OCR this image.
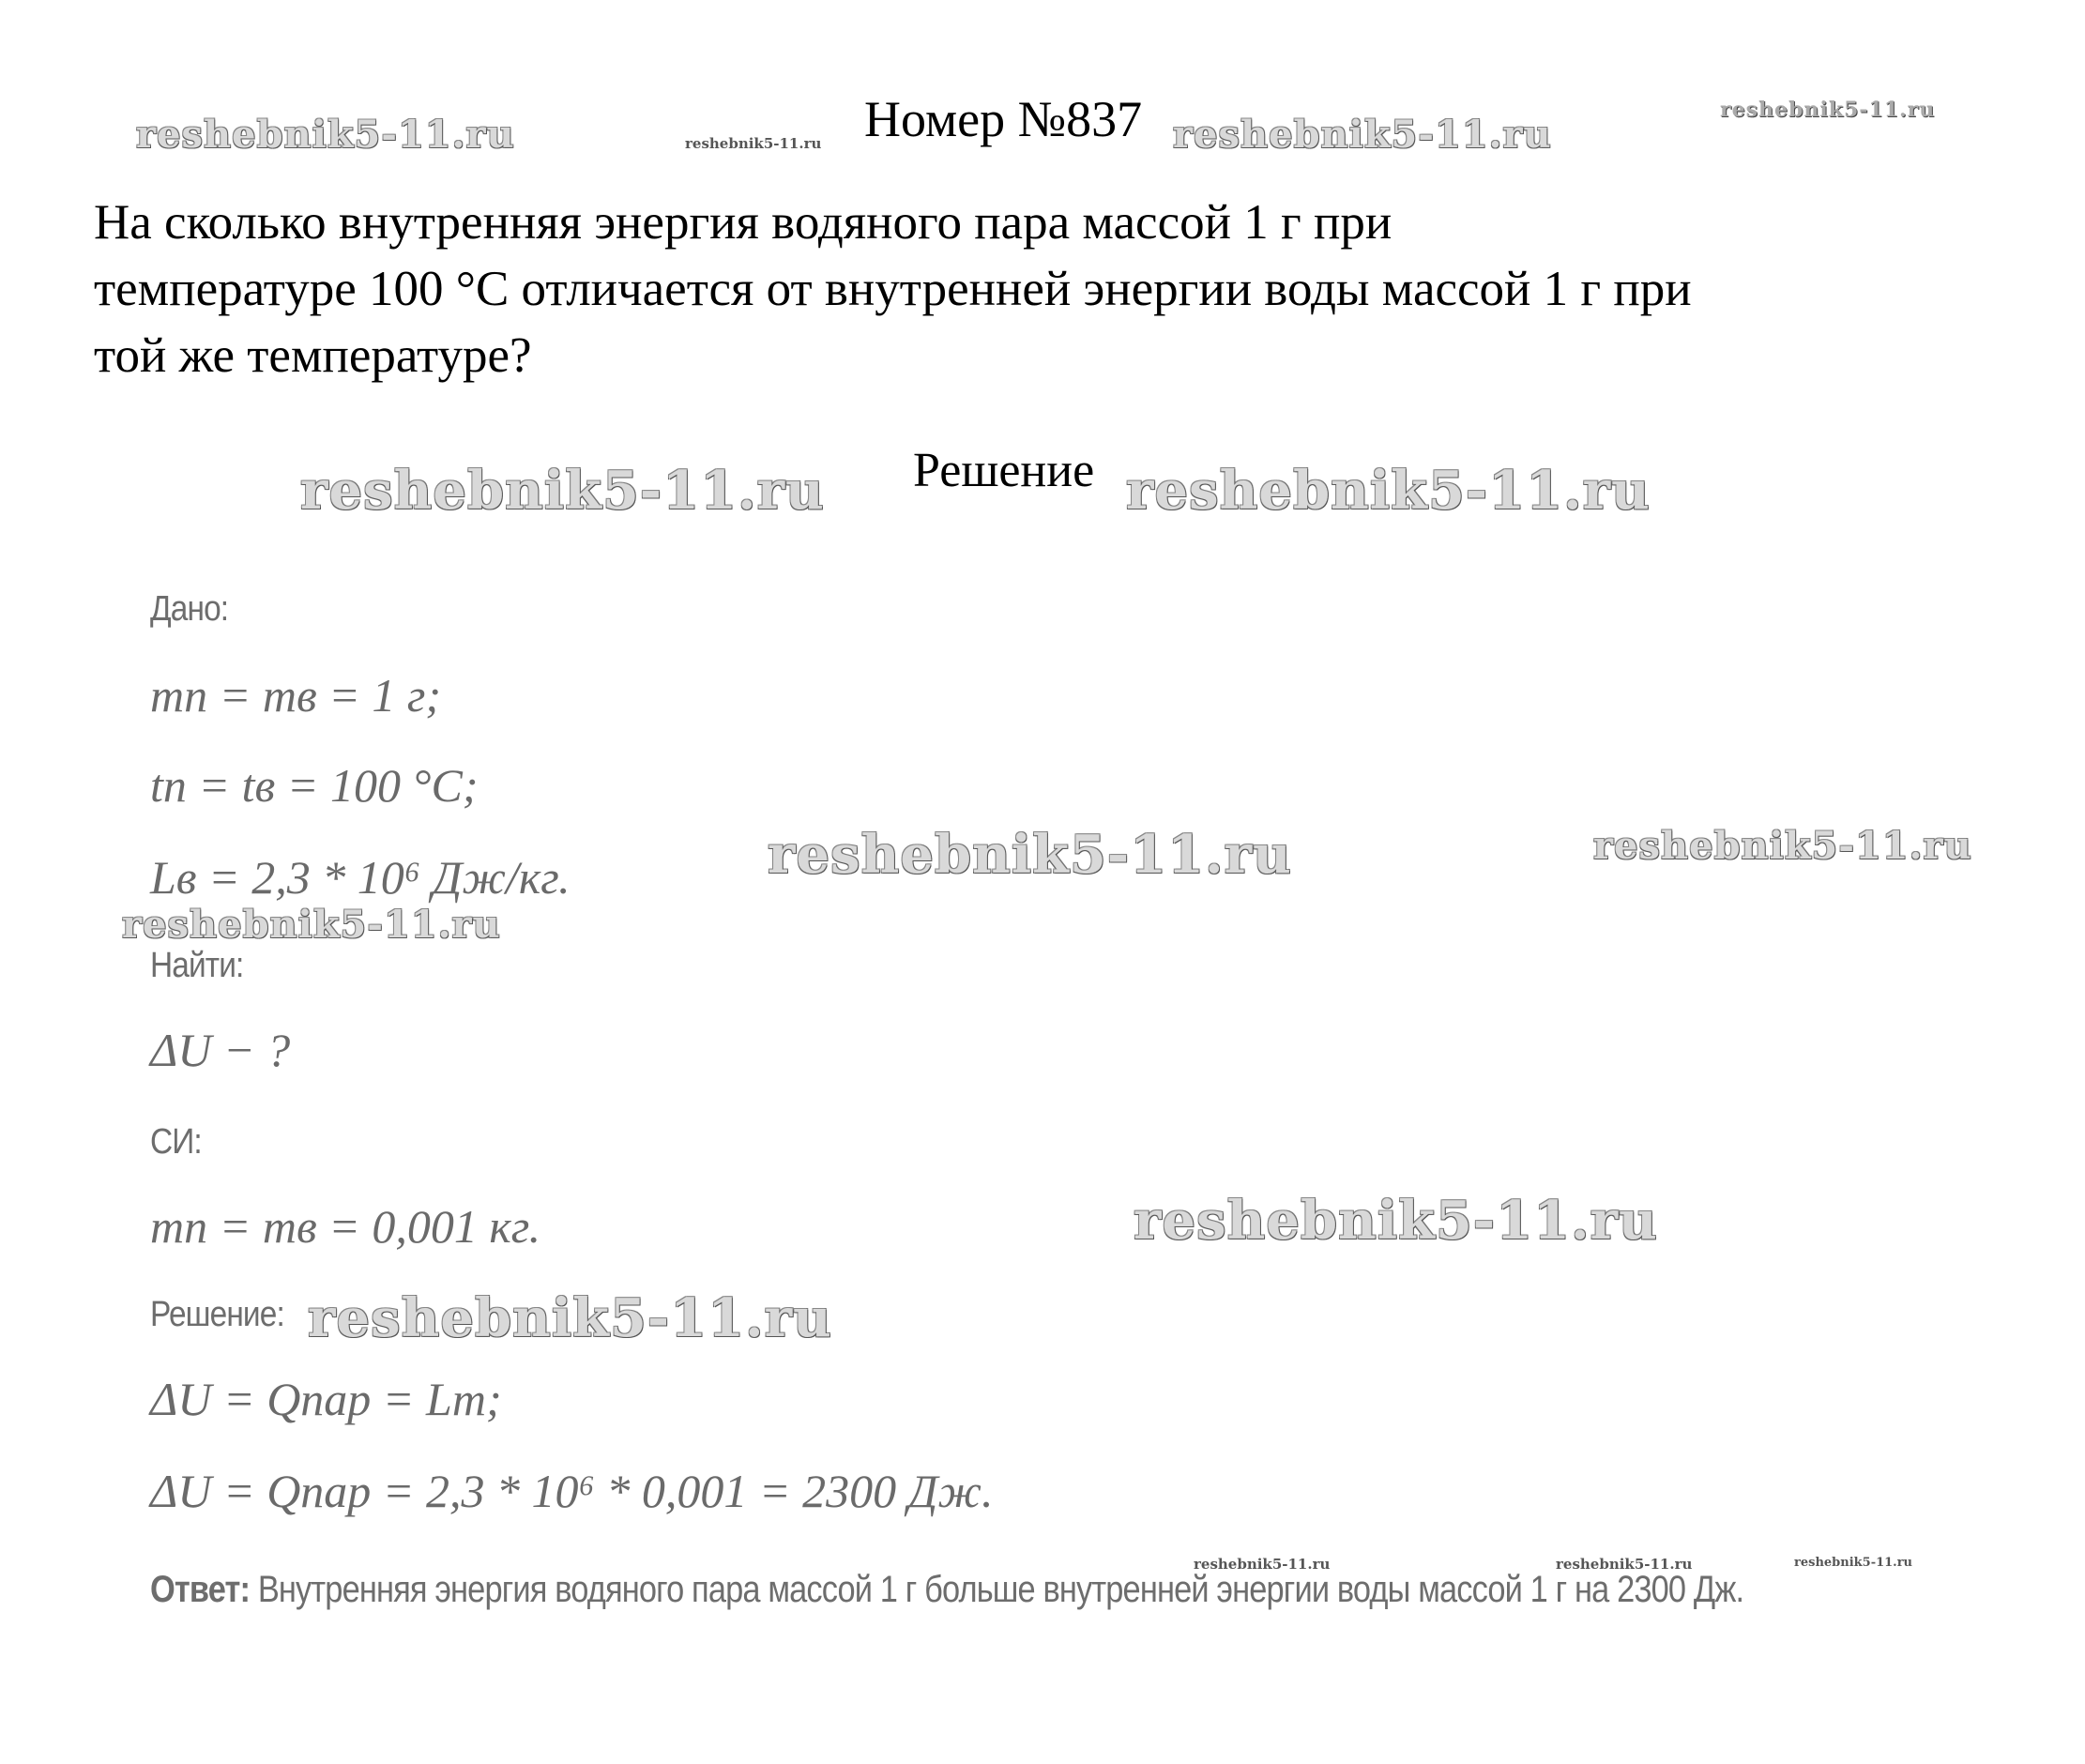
reshebnik5-11.ru	reshebnik5-11.ru Номер №837 reshebnik5-11.ru
reshebnik5-11.ru

На сколько внутренняя энергия водяного пара массой 1 г при

температуре 100 °С отличается от внутренней энергии воды массой 1 г при

той же температуре?

reshebnik5-11.ru Решение reshebnik5-11.ru
Дано:
mп = mв = 1 г;
tп = tв = 100 °С;
Lв = 2,3 * 10⁶ Дж/кг.	reshebnik5-11.ru	reshebnik5-11.ru
reshebnik5-11.ru
Найти:
ΔU − ?
СИ:
mп = mв = 0,001 кг.	reshebnik5-11.ru
Решение: reshebnik5-11.ru
ΔU = Qпар = Lm;
ΔU = Qпар = 2,3 * 10⁶ * 0,001 = 2300 Дж.
reshebnik5-11.ru	reshebnik5-11.ru	reshebnik5-11.ru
Ответ: Внутренняя энергия водяного пара массой 1 г больше внутренней энергии воды массой 1 г на 2300 Дж.
